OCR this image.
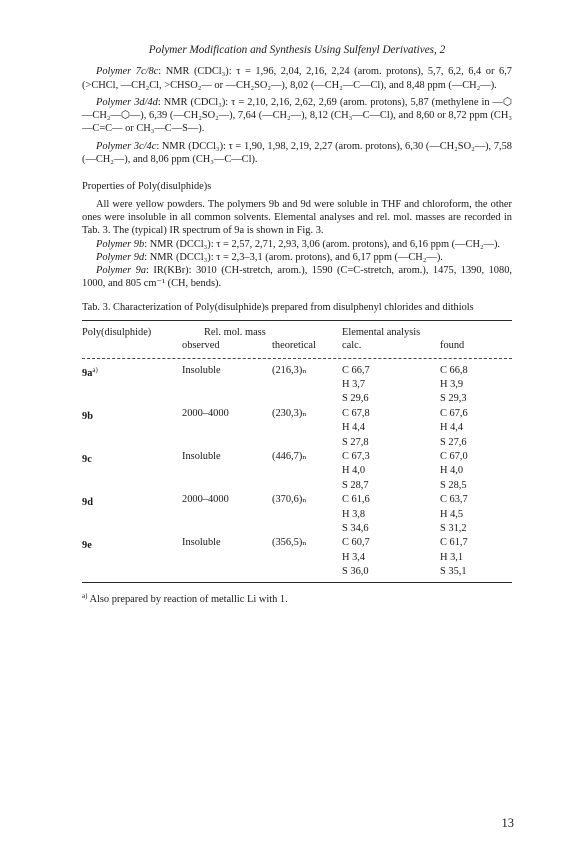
Polymer Modification and Synthesis Using Sulfenyl Derivatives, 2
Polymer 7c/8c: NMR (CDCl₃): τ = 1,96, 2,04, 2,16, 2,24 (arom. protons), 5,7, 6,2, 6,4 or 6,7 (>CHCl, —CH₂Cl, >CHSO₂— or —CH₂SO₂—), 8,02 (—CH₂—C—Cl), and 8,48 ppm (—CH₂—).
Polymer 3d/4d: NMR (CDCl₃): τ = 2,10, 2,16, 2,62, 2,69 (arom. protons), 5,87 (methylene in —⬡—CH₂—⬡—), 6,39 (—CH₂SO₂—), 7,64 (—CH₂—), 8,12 (CH₃—C—Cl), and 8,60 or 8,72 ppm (CH₃—C=C— or CH₃—C—S—).
Polymer 3c/4c: NMR (DCCl₃): τ = 1,90, 1,98, 2,19, 2,27 (arom. protons), 6,30 (—CH₂SO₂—), 7,58 (—CH₂—), and 8,06 ppm (CH₃—C—Cl).
Properties of Poly(disulphide)s
All were yellow powders. The polymers 9b and 9d were soluble in THF and chloroform, the other ones were insoluble in all common solvents. Elemental analyses and rel. mol. masses are recorded in Tab. 3. The (typical) IR spectrum of 9a is shown in Fig. 3.
Polymer 9b: NMR (DCCl₃): τ = 2,57, 2,71, 2,93, 3,06 (arom. protons), and 6,16 ppm (—CH₂—).
Polymer 9d: NMR (DCCl₃): τ = 2,3–3,1 (arom. protons), and 6,17 ppm (—CH₂—).
Polymer 9a: IR(KBr): 3010 (CH-stretch, arom.), 1590 (C=C-stretch, arom.), 1475, 1390, 1080, 1000, and 805 cm⁻¹ (CH, bends).
Tab. 3. Characterization of Poly(disulphide)s prepared from disulphenyl chlorides and dithiols
Poly(disulphide)	Rel. mol. mass	Elemental analysis
observed	theoretical	calc.	found
$9a^{a)}$	Insoluble	(216,3)ₙ	C 66,7	C 66,8
H 3,7	H 3,9
S 29,6	S 29,3
9b	2000–4000	(230,3)ₙ	C 67,8	C 67,6
H 4,4	H 4,4
S 27,8	S 27,6
9c	Insoluble	(446,7)ₙ	C 67,3	C 67,0
H 4,0	H 4,0
S 28,7	S 28,5
9d	2000–4000	(370,6)ₙ	C 61,6	C 63,7
H 3,8	H 4,5
S 34,6	S 31,2
9e	Insoluble	(356,5)ₙ	C 60,7	C 61,7
H 3,4	H 3,1
S 36,0	S 35,1
$^{a)}$ Also prepared by reaction of metallic Li with 1.
13
